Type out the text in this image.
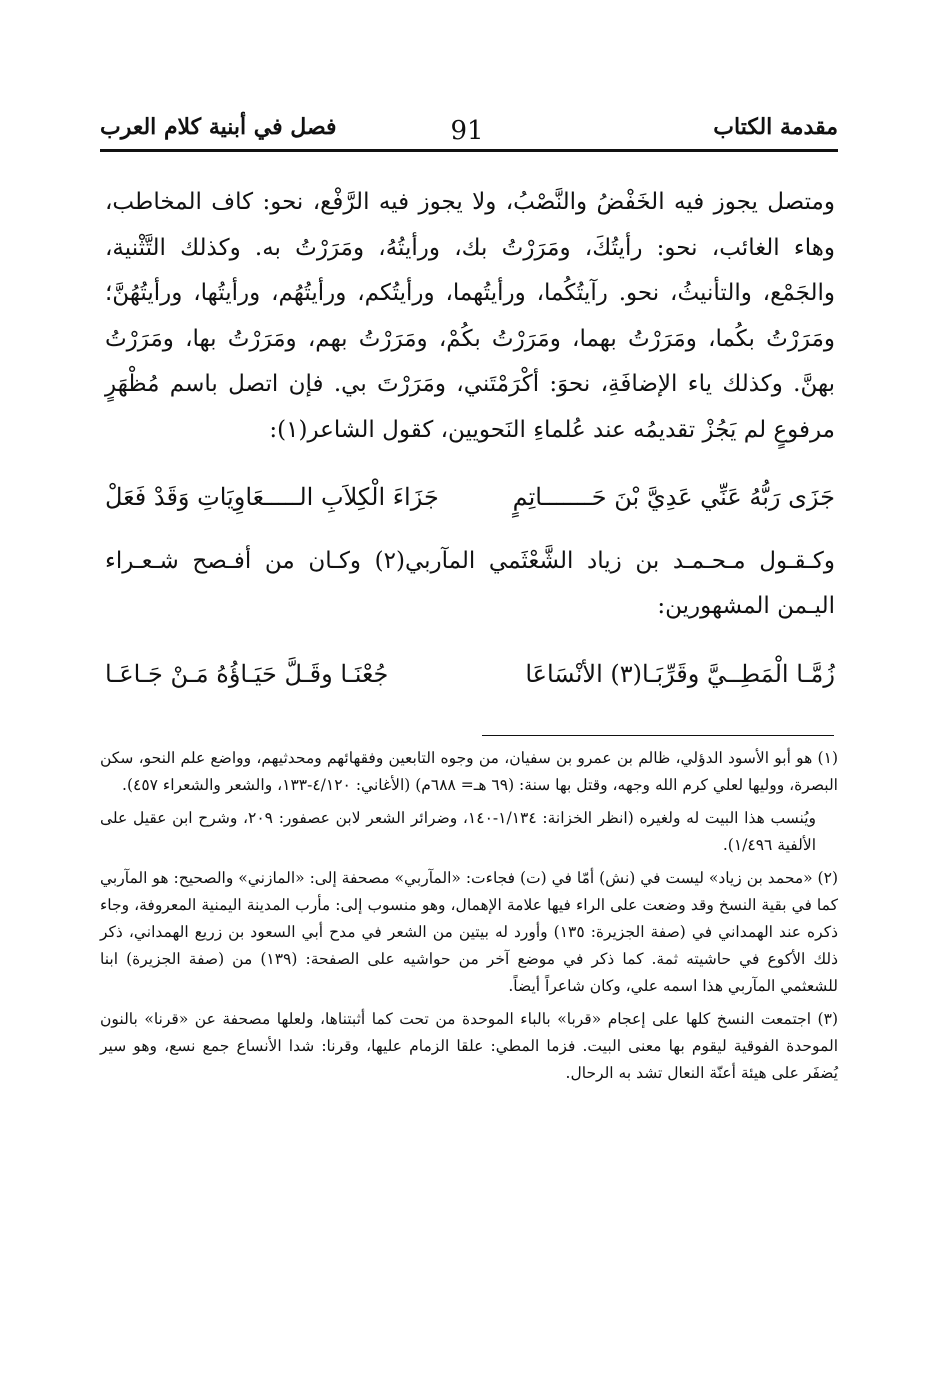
مقدمة الكتاب
91
فصل في أبنية كلام العرب

ومتصل يجوز فيه الخَفْضُ والنَّصْبُ، ولا يجوز فيه الرَّفْع، نحو: كاف المخاطب، وهاء الغائب، نحو: رأيتُكَ، ومَرَرْتُ بك، ورأيتُهُ، ومَرَرْتُ به. وكذلك التَّثْنية، والجَمْع، والتأنيثُ، نحو. رآيتُكُما، ورأيتُهما، ورأيتُكم، ورأيتُهُم، ورأيتُها، ورأيتُهُنَّ؛ ومَرَرْتُ بكُما، ومَرَرْتُ بهما، ومَرَرْتُ بكُمْ، ومَرَرْتُ بهم، ومَرَرْتُ بها، ومَرَرْتُ بهنَّ. وكذلك ياء الإضافَةِ، نحوَ: أكْرَمْتَني، ومَرَرْتَ بي. فإن اتصل باسم مُظْهَرٍ مرفوعٍ لم يَجُزْ تقديمُه عند عُلماءِ النَحويين، كقول الشاعر(١):

جَزَى رَبُّهُ عَنِّي عَدِيَّ بْنَ حَـــــــاتِمٍ
جَزَاءَ الْكِلاَبِ الـــــعَاوِيَاتِ وَقَدْ فَعَلْ

وكـقـول مـحـمـد بن زياد الشَّعْثَمي المآربي(٢) وكـان من أفـصح شـعـراء اليـمن المشهورين:

زُمَّـا الْمَطِــيَّ وقَرِّبَـا(٣) الأنْسَاعَا
جُعْنَـا وقَـلَّ حَيَـاؤُهُ مَـنْ جَـاعَـا

(١) هو أبو الأسود الدؤلي، ظالم بن عمرو بن سفيان، من وجوه التابعين وفقهائهم ومحدثيهم، وواضع علم النحو، سكن البصرة، ووليها لعلي كرم الله وجهه، وقتل بها سنة: (٦٩ هـ= ٦٨٨م) (الأغاني: ٤/١٢٠-١٣٣، والشعر والشعراء ٤٥٧).

ويُنسب هذا البيت له ولغيره (انظر الخزانة: ١/١٣٤-١٤٠، وضرائر الشعر لابن عصفور: ٢٠٩، وشرح ابن عقيل على الألفية ١/٤٩٦).

(٢) «محمد بن زياد» ليست في (نش) أمّا في (ت) فجاءت: «المآربي» مصحفة إلى: «المازني» والصحيح: هو المآربي كما في بقية النسخ وقد وضعت على الراء فيها علامة الإهمال، وهو منسوب إلى: مأرب المدينة اليمنية المعروفة، وجاء ذكره عند الهمداني في (صفة الجزيرة: ١٣٥) وأورد له بيتين من الشعر في مدح أبي السعود بن زريع الهمداني، ذكر ذلك الأكوع في حاشيته ثمة. كما ذكر في موضع آخر من حواشيه على الصفحة: (١٣٩) من (صفة الجزيرة) ابنا للشعثمي المآربي هذا اسمه علي، وكان شاعراً أيضاً.

(٣) اجتمعت النسخ كلها على إعجام «قربا» بالباء الموحدة من تحت كما أثبتناها، ولعلها مصحفة عن «قرنا» بالنون الموحدة الفوقية ليقوم بها معنى البيت. فزما المطي: علقا الزمام عليها، وقرنا: شدا الأنساع جمع نسع، وهو سير يُضفَر على هيئة أعنّة النعال تشد به الرحال.
